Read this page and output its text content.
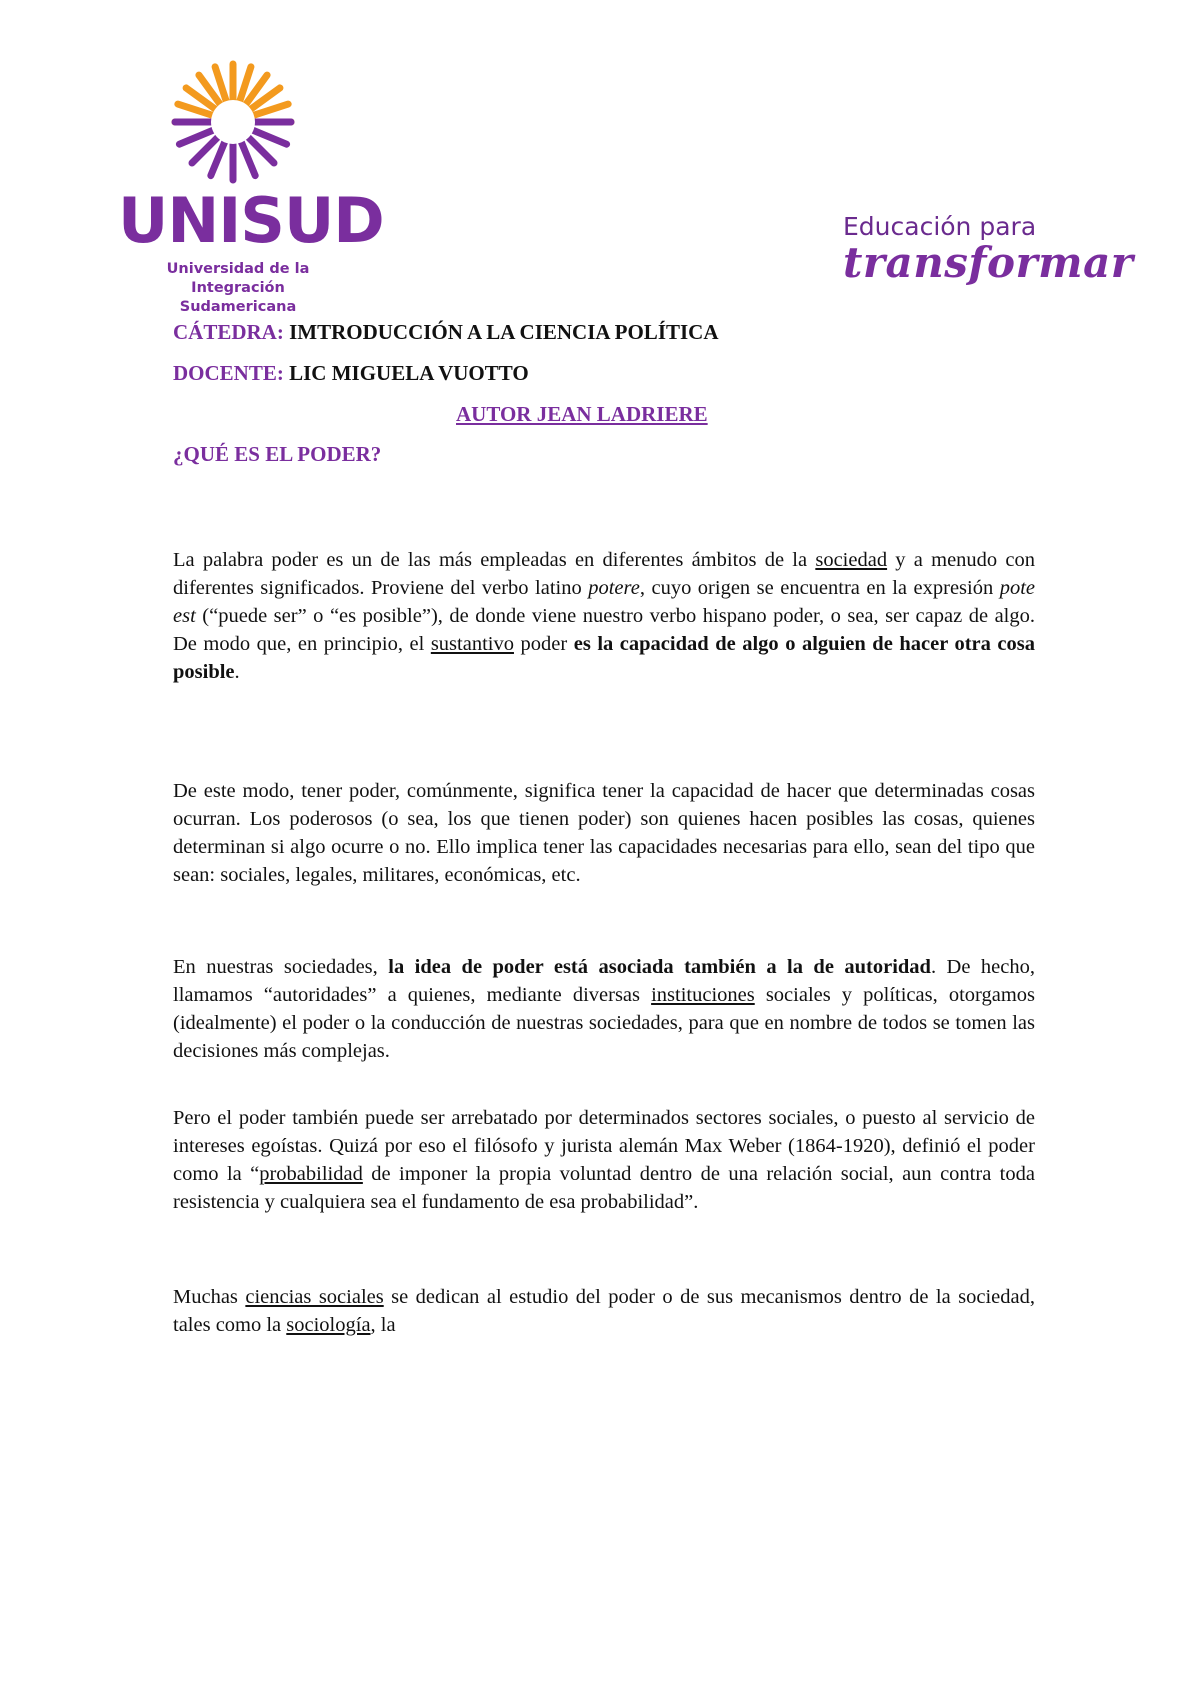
UNISUD
Universidad de la Integración
Sudamericana
Educación para
transformar
CÁTEDRA: IMTRODUCCIÓN A LA CIENCIA POLÍTICA
DOCENTE: LIC MIGUELA VUOTTO
AUTOR JEAN LADRIERE
¿QUÉ ES EL PODER?

La palabra poder es un de las más empleadas en diferentes ámbitos de la sociedad y a menudo con diferentes significados. Proviene del verbo latino potere, cuyo origen se encuentra en la expresión pote est (“puede ser” o “es posible”), de donde viene nuestro verbo hispano poder, o sea, ser capaz de algo. De modo que, en principio, el sustantivo poder es la capacidad de algo o alguien de hacer otra cosa posible.

De este modo, tener poder, comúnmente, significa tener la capacidad de hacer que determinadas cosas ocurran. Los poderosos (o sea, los que tienen poder) son quienes hacen posibles las cosas, quienes determinan si algo ocurre o no. Ello implica tener las capacidades necesarias para ello, sean del tipo que sean: sociales, legales, militares, económicas, etc.

En nuestras sociedades, la idea de poder está asociada también a la de autoridad. De hecho, llamamos “autoridades” a quienes, mediante diversas instituciones sociales y políticas, otorgamos (idealmente) el poder o la conducción de nuestras sociedades, para que en nombre de todos se tomen las decisiones más complejas.

Pero el poder también puede ser arrebatado por determinados sectores sociales, o puesto al servicio de intereses egoístas. Quizá por eso el filósofo y jurista alemán Max Weber (1864-1920), definió el poder como la “probabilidad de imponer la propia voluntad dentro de una relación social, aun contra toda resistencia y cualquiera sea el fundamento de esa probabilidad”.

Muchas ciencias sociales se dedican al estudio del poder o de sus mecanismos dentro de la sociedad, tales como la sociología, la
